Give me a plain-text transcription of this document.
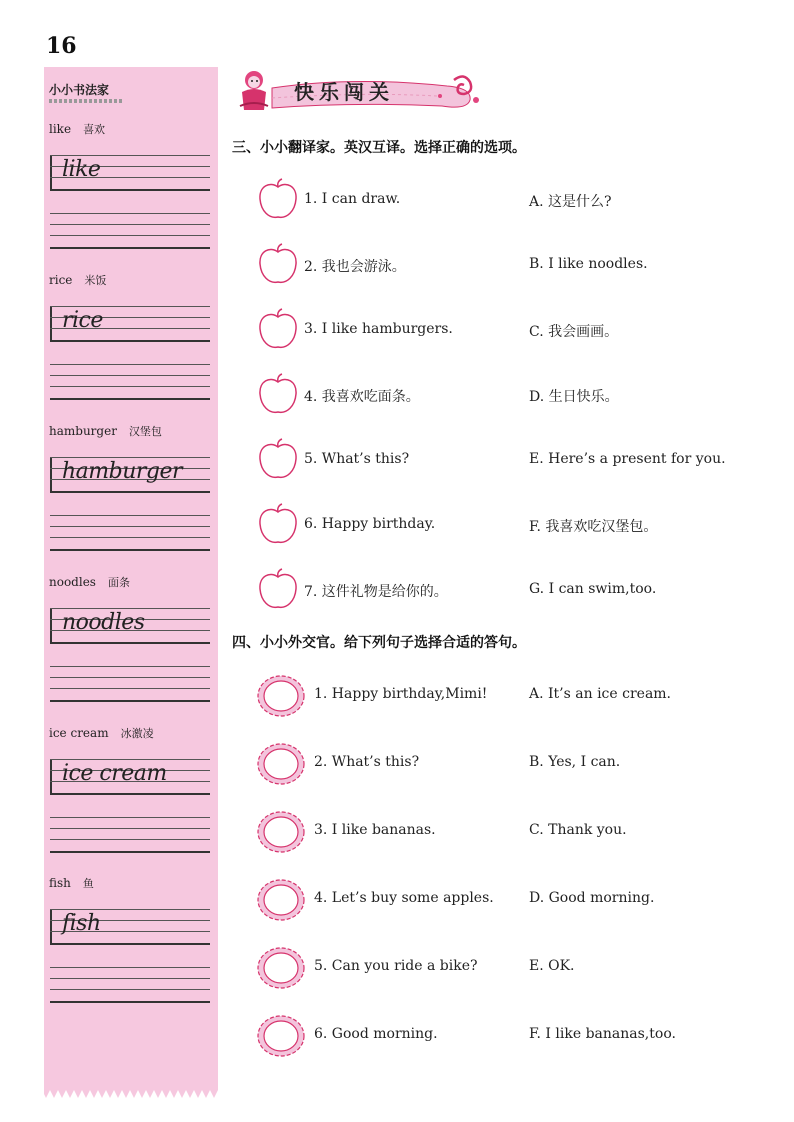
16
小小书法家
like 喜欢
like
rice 米饭
rice
hamburger 汉堡包
hamburger
noodles 面条
noodles
ice cream 冰激凌
ice cream
fish 鱼
fish
快乐闯关
三、小小翻译家。英汉互译。选择正确的选项。
1. I can draw.	A. 这是什么?
2. 我也会游泳。	B. I like noodles.
3. I like hamburgers.	C. 我会画画。
4. 我喜欢吃面条。	D. 生日快乐。
5. What’s this?	E. Here’s a present for you.
6. Happy birthday.	F. 我喜欢吃汉堡包。
7. 这件礼物是给你的。	G. I can swim,too.
四、小小外交官。给下列句子选择合适的答句。
1. Happy birthday,Mimi!	A. It’s an ice cream.
2. What’s this?	B. Yes, I can.
3. I like bananas.	C. Thank you.
4. Let’s buy some apples.	D. Good morning.
5. Can you ride a bike?	E. OK.
6. Good morning.	F. I like bananas,too.
